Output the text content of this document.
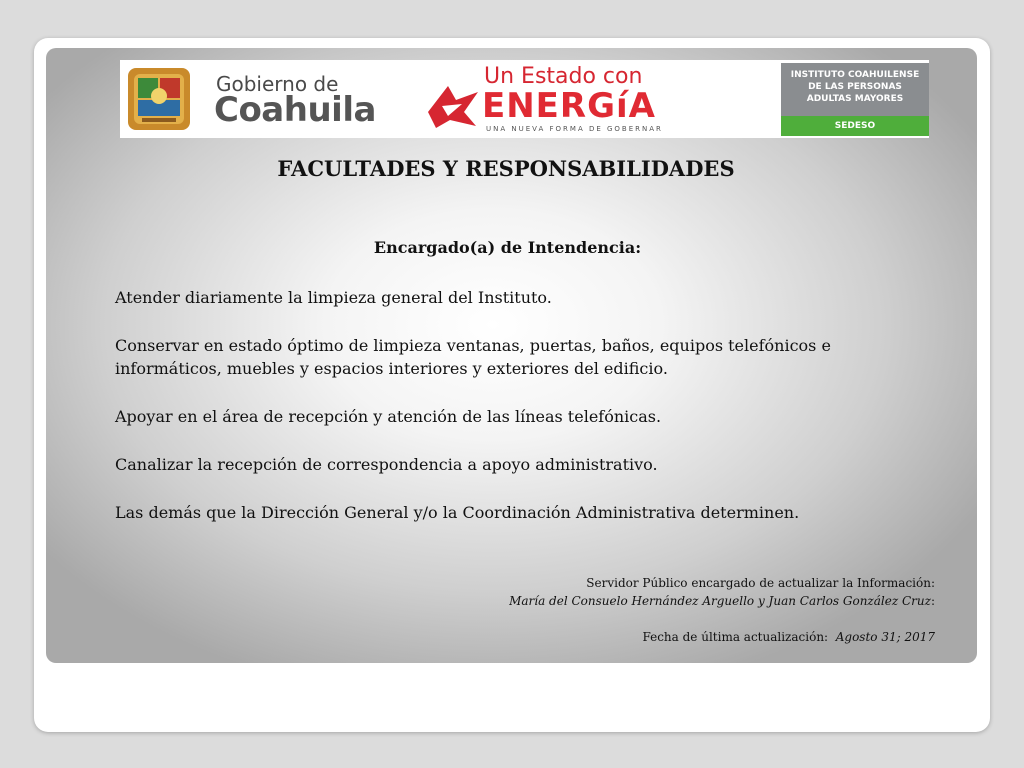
Gobierno de
Coahuila
Un Estado con
ENERGíA
UNA NUEVA FORMA DE GOBERNAR
INSTITUTO COAHUILENSE
DE LAS PERSONAS
ADULTAS MAYORES
SEDESO
FACULTADES Y RESPONSABILIDADES
Encargado(a) de Intendencia:

Atender diariamente la limpieza general del Instituto.

Conservar en estado óptimo de limpieza ventanas, puertas, baños, equipos telefónicos e informáticos, muebles y espacios interiores y exteriores del edificio.

Apoyar en el área de recepción y atención de las líneas telefónicas.

Canalizar la recepción de correspondencia a apoyo administrativo.

Las demás que la Dirección General y/o la Coordinación Administrativa determinen.

Servidor Público encargado de actualizar la Información:
María del Consuelo Hernández Arguello y Juan Carlos González Cruz:
Fecha de última actualización: Agosto 31; 2017
